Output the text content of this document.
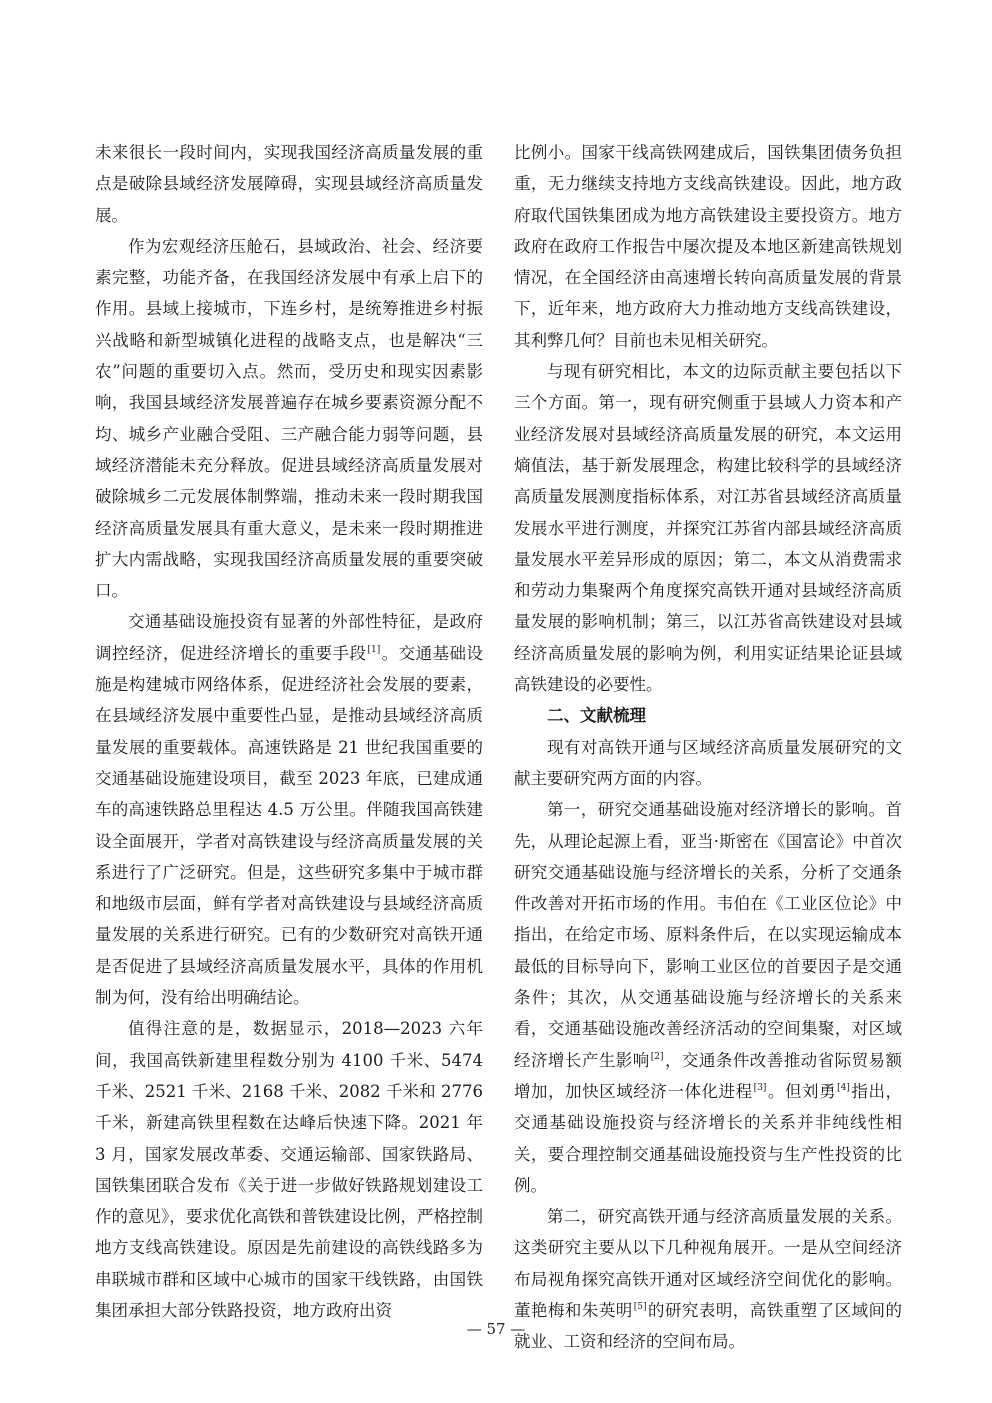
未来很长一段时间内，实现我国经济高质量发展的重点是破除县域经济发展障碍，实现县域经济高质量发展。

作为宏观经济压舱石，县域政治、社会、经济要素完整，功能齐备，在我国经济发展中有承上启下的作用。县域上接城市，下连乡村，是统筹推进乡村振兴战略和新型城镇化进程的战略支点，也是解决“三农”问题的重要切入点。然而，受历史和现实因素影响，我国县域经济发展普遍存在城乡要素资源分配不均、城乡产业融合受阻、三产融合能力弱等问题，县域经济潜能未充分释放。促进县域经济高质量发展对破除城乡二元发展体制弊端，推动未来一段时期我国经济高质量发展具有重大意义，是未来一段时期推进扩大内需战略，实现我国经济高质量发展的重要突破口。

交通基础设施投资有显著的外部性特征，是政府调控经济，促进经济增长的重要手段[1]。交通基础设施是构建城市网络体系，促进经济社会发展的要素，在县域经济发展中重要性凸显，是推动县域经济高质量发展的重要载体。高速铁路是 21 世纪我国重要的交通基础设施建设项目，截至 2023 年底，已建成通车的高速铁路总里程达 4.5 万公里。伴随我国高铁建设全面展开，学者对高铁建设与经济高质量发展的关系进行了广泛研究。但是，这些研究多集中于城市群和地级市层面，鲜有学者对高铁建设与县域经济高质量发展的关系进行研究。已有的少数研究对高铁开通是否促进了县域经济高质量发展水平，具体的作用机制为何，没有给出明确结论。

值得注意的是，数据显示，2018—2023 六年间，我国高铁新建里程数分别为 4100 千米、5474 千米、2521 千米、2168 千米、2082 千米和 2776 千米，新建高铁里程数在达峰后快速下降。2021 年 3 月，国家发展改革委、交通运输部、国家铁路局、国铁集团联合发布《关于进一步做好铁路规划建设工作的意见》，要求优化高铁和普铁建设比例，严格控制地方支线高铁建设。原因是先前建设的高铁线路多为串联城市群和区域中心城市的国家干线铁路，由国铁集团承担大部分铁路投资，地方政府出资

比例小。国家干线高铁网建成后，国铁集团债务负担重，无力继续支持地方支线高铁建设。因此，地方政府取代国铁集团成为地方高铁建设主要投资方。地方政府在政府工作报告中屡次提及本地区新建高铁规划情况，在全国经济由高速增长转向高质量发展的背景下，近年来，地方政府大力推动地方支线高铁建设，其利弊几何？目前也未见相关研究。

与现有研究相比，本文的边际贡献主要包括以下三个方面。第一，现有研究侧重于县域人力资本和产业经济发展对县域经济高质量发展的研究，本文运用熵值法，基于新发展理念，构建比较科学的县域经济高质量发展测度指标体系，对江苏省县域经济高质量发展水平进行测度，并探究江苏省内部县域经济高质量发展水平差异形成的原因；第二，本文从消费需求和劳动力集聚两个角度探究高铁开通对县域经济高质量发展的影响机制；第三，以江苏省高铁建设对县域经济高质量发展的影响为例，利用实证结果论证县域高铁建设的必要性。

二、文献梳理

现有对高铁开通与区域经济高质量发展研究的文献主要研究两方面的内容。

第一，研究交通基础设施对经济增长的影响。首先，从理论起源上看，亚当·斯密在《国富论》中首次研究交通基础设施与经济增长的关系，分析了交通条件改善对开拓市场的作用。韦伯在《工业区位论》中指出，在给定市场、原料条件后，在以实现运输成本最低的目标导向下，影响工业区位的首要因子是交通条件；其次，从交通基础设施与经济增长的关系来看，交通基础设施改善经济活动的空间集聚，对区域经济增长产生影响[2]，交通条件改善推动省际贸易额增加，加快区域经济一体化进程[3]。但刘勇[4]指出，交通基础设施投资与经济增长的关系并非纯线性相关，要合理控制交通基础设施投资与生产性投资的比例。

第二，研究高铁开通与经济高质量发展的关系。这类研究主要从以下几种视角展开。一是从空间经济布局视角探究高铁开通对区域经济空间优化的影响。董艳梅和朱英明[5]的研究表明，高铁重塑了区域间的就业、工资和经济的空间布局。

— 57 —
